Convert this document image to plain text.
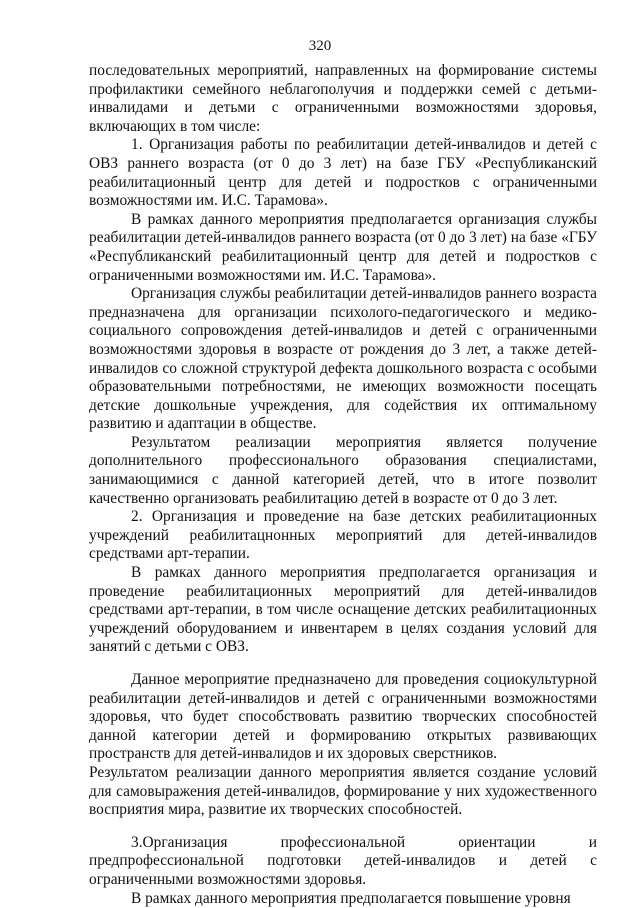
320

последовательных мероприятий, направленных на формирование системы профилактики семейного неблагополучия и поддержки семей с детьми-инвалидами и детьми с ограниченными возможностями здоровья, включающих в том числе:

1. Организация работы по реабилитации детей-инвалидов и детей с ОВЗ раннего возраста (от 0 до 3 лет) на базе ГБУ «Республиканский реабилитационный центр для детей и подростков с ограниченными возможностями им. И.С. Тарамова».

В рамках данного мероприятия предполагается организация службы реабилитации детей-инвалидов раннего возраста (от 0 до 3 лет) на базе «ГБУ «Республиканский реабилитационный центр для детей и подростков с ограниченными возможностями им. И.С. Тарамова».

Организация службы реабилитации детей-инвалидов раннего возраста предназначена для организации психолого-педагогического и медико-социального сопровождения детей-инвалидов и детей с ограниченными возможностями здоровья в возрасте от рождения до 3 лет, а также детей-инвалидов со сложной структурой дефекта дошкольного возраста с особыми образовательными потребностями, не имеющих возможности посещать детские дошкольные учреждения, для содействия их оптимальному развитию и адаптации в обществе.

Результатом реализации мероприятия является получение дополнительного профессионального образования специалистами, занимающимися с данной категорией детей, что в итоге позволит качественно организовать реабилитацию детей в возрасте от 0 до 3 лет.

2. Организация и проведение на базе детских реабилитационных учреждений реабилитацнонных мероприятий для детей-инвалидов средствами арт-терапии.

В рамках данного мероприятия предполагается организация и проведение реабилитационных мероприятий для детей-инвалидов средствами арт-терапии, в том числе оснащение детских реабилитационных учреждений оборудованием и инвентарем в целях создания условий для занятий с детьми с ОВЗ.

Данное мероприятие предназначено для проведения социокультурной реабилитации детей-инвалидов и детей с ограниченными возможностями здоровья, что будет способствовать развитию творческих способностей данной категории детей и формированию открытых развивающих пространств для детей-инвалидов и их здоровых сверстников.

Результатом реализации данного мероприятия является создание условий для самовыражения детей-инвалидов, формирование у них художественного восприятия мира, развитие их творческих способностей.

3.Организация профессиональной ориентации и предпрофессиональной подготовки детей-инвалидов и детей с ограниченными возможностями здоровья.

В рамках данного мероприятия предполагается повышение уровня
